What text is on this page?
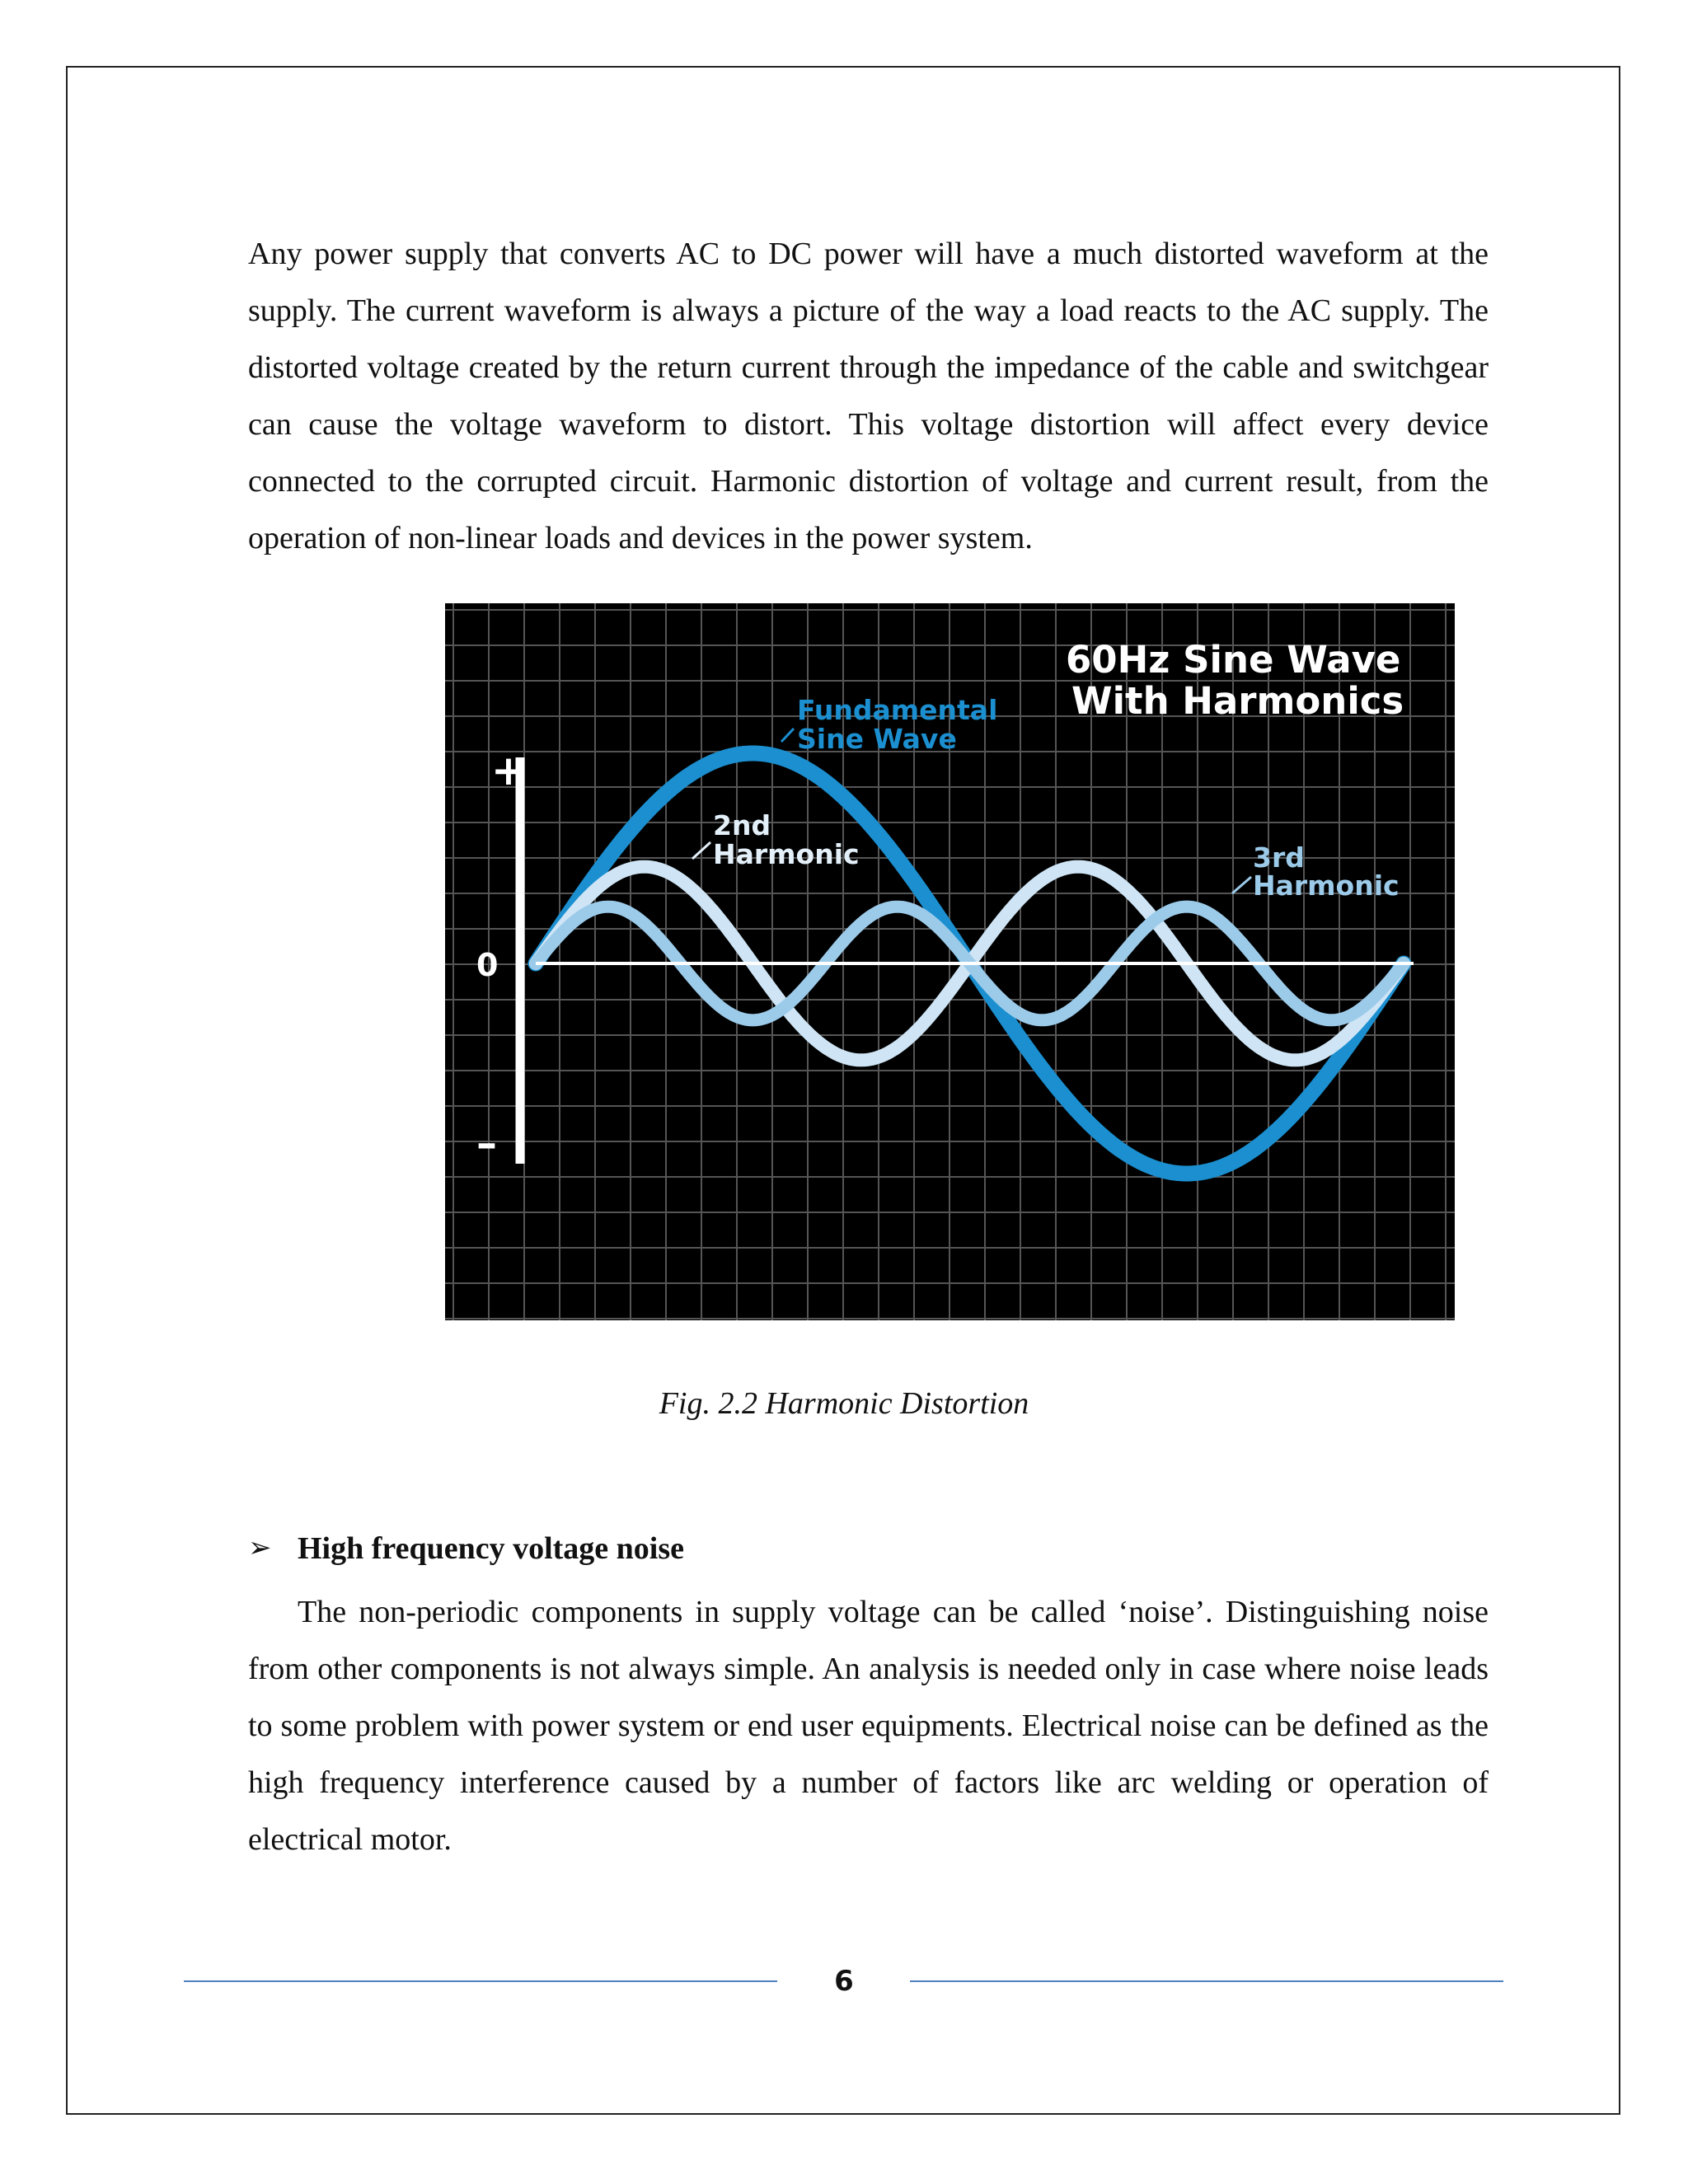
Any power supply that converts AC to DC power will have a much distorted waveform at the supply. The current waveform is always a picture of the way a load reacts to the AC supply. The distorted voltage created by the return current through the impedance of the cable and switchgear can cause the voltage waveform to distort. This voltage distortion will affect every device connected to the corrupted circuit. Harmonic distortion of voltage and current result, from the operation of non-linear loads and devices in the power system.

+
0
–
60Hz Sine Wave
With Harmonics
Fundamental
Sine Wave
2nd
Harmonic	3rd
Harmonic
Fig. 2.2 Harmonic Distortion
➢ High frequency voltage noise

The non-periodic components in supply voltage can be called ‘noise’. Distinguishing noise from other components is not always simple. An analysis is needed only in case where noise leads to some problem with power system or end user equipments. Electrical noise can be defined as the high frequency interference caused by a number of factors like arc welding or operation of electrical motor.

6
